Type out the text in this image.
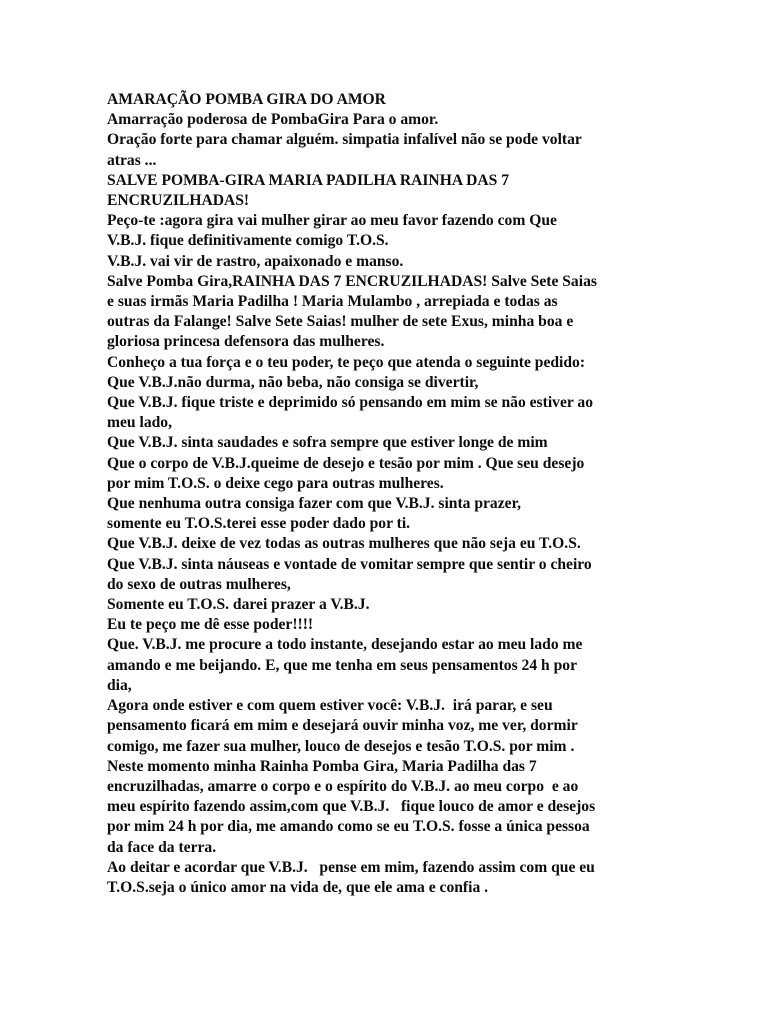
AMARAÇÃO POMBA GIRA DO AMOR
Amarração poderosa de PombaGira Para o amor.
Oração forte para chamar alguém. simpatia infalível não se pode voltar
atras ...
SALVE POMBA-GIRA MARIA PADILHA RAINHA DAS 7
ENCRUZILHADAS!
Peço-te :agora gira vai mulher girar ao meu favor fazendo com Que
V.B.J. fique definitivamente comigo T.O.S.
V.B.J. vai vir de rastro, apaixonado e manso.
Salve Pomba Gira,RAINHA DAS 7 ENCRUZILHADAS! Salve Sete Saias
e suas irmãs Maria Padilha ! Maria Mulambo , arrepiada e todas as
outras da Falange! Salve Sete Saias! mulher de sete Exus, minha boa e
gloriosa princesa defensora das mulheres.
Conheço a tua força e o teu poder, te peço que atenda o seguinte pedido:
Que V.B.J.não durma, não beba, não consiga se divertir,
Que V.B.J. fique triste e deprimido só pensando em mim se não estiver ao
meu lado,
Que V.B.J. sinta saudades e sofra sempre que estiver longe de mim
Que o corpo de V.B.J.queime de desejo e tesão por mim . Que seu desejo
por mim T.O.S. o deixe cego para outras mulheres.
Que nenhuma outra consiga fazer com que V.B.J. sinta prazer,
somente eu T.O.S.terei esse poder dado por ti.
Que V.B.J. deixe de vez todas as outras mulheres que não seja eu T.O.S.
Que V.B.J. sinta náuseas e vontade de vomitar sempre que sentir o cheiro
do sexo de outras mulheres,
Somente eu T.O.S. darei prazer a V.B.J.
Eu te peço me dê esse poder!!!!
Que. V.B.J. me procure a todo instante, desejando estar ao meu lado me
amando e me beijando. E, que me tenha em seus pensamentos 24 h por
dia,
Agora onde estiver e com quem estiver você: V.B.J.  irá parar, e seu
pensamento ficará em mim e desejará ouvir minha voz, me ver, dormir
comigo, me fazer sua mulher, louco de desejos e tesão T.O.S. por mim .
Neste momento minha Rainha Pomba Gira, Maria Padilha das 7
encruzilhadas, amarre o corpo e o espírito do V.B.J. ao meu corpo  e ao
meu espírito fazendo assim,com que V.B.J.   fique louco de amor e desejos
por mim 24 h por dia, me amando como se eu T.O.S. fosse a única pessoa
da face da terra.
Ao deitar e acordar que V.B.J.   pense em mim, fazendo assim com que eu
T.O.S.seja o único amor na vida de, que ele ama e confia .
